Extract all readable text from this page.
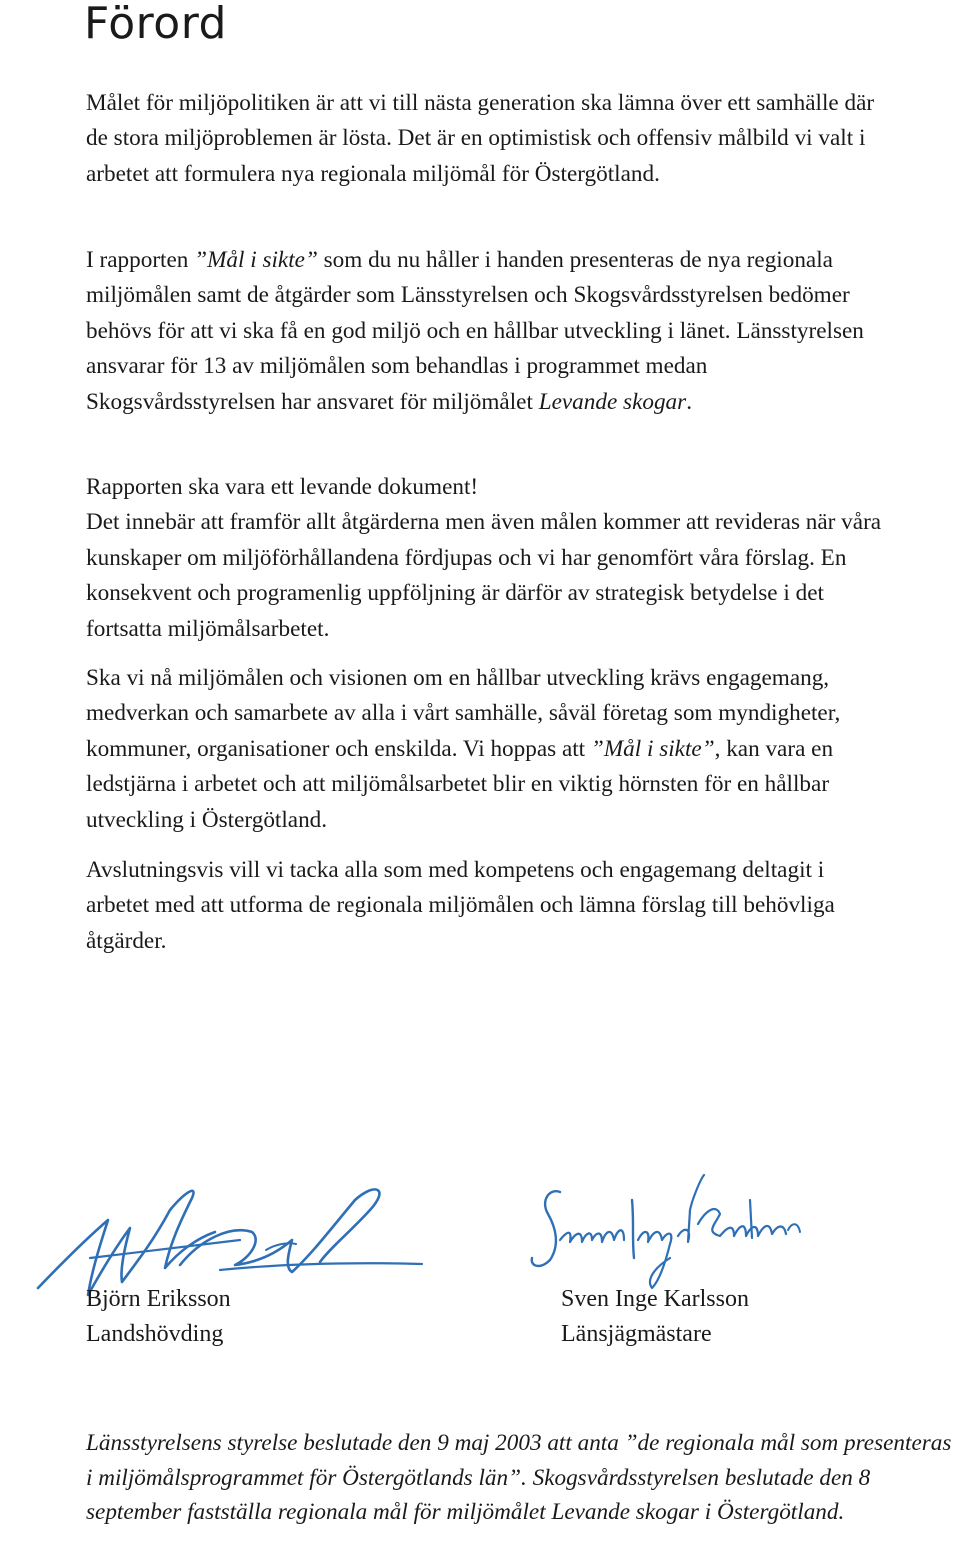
Förord

Målet för miljöpolitiken är att vi till nästa generation ska lämna över ett samhälle där de stora miljöproblemen är lösta. Det är en optimistisk och offensiv målbild vi valt i arbetet att formulera nya regionala miljömål för Östergötland.

I rapporten ”Mål i sikte” som du nu håller i handen presenteras de nya regionala miljömålen samt de åtgärder som Länsstyrelsen och Skogsvårdsstyrelsen bedömer behövs för att vi ska få en god miljö och en hållbar utveckling i länet. Länsstyrelsen ansvarar för 13 av miljömålen som behandlas i programmet medan Skogsvårdsstyrelsen har ansvaret för miljömålet Levande skogar.

Rapporten ska vara ett levande dokument!
Det innebär att framför allt åtgärderna men även målen kommer att revideras när våra kunskaper om miljöförhållandena fördjupas och vi har genomfört våra förslag. En konsekvent och programenlig uppföljning är därför av strategisk betydelse i det fortsatta miljömålsarbetet.

Ska vi nå miljömålen och visionen om en hållbar utveckling krävs engagemang, medverkan och samarbete av alla i vårt samhälle, såväl företag som myndigheter, kommuner, organisationer och enskilda. Vi hoppas att ”Mål i sikte”, kan vara en ledstjärna i arbetet och att miljömålsarbetet blir en viktig hörnsten för en hållbar utveckling i Östergötland.

Avslutningsvis vill vi tacka alla som med kompetens och engagemang deltagit i arbetet med att utforma de regionala miljömålen och lämna förslag till behövliga åtgärder.

Björn Eriksson
Landshövding
Sven Inge Karlsson
Länsjägmästare

Länsstyrelsens styrelse beslutade den 9 maj 2003 att anta ”de regionala mål som presenteras i miljömålsprogrammet för Östergötlands län”. Skogsvårdsstyrelsen beslutade den 8 september fastställa regionala mål för miljömålet Levande skogar i Östergötland.
